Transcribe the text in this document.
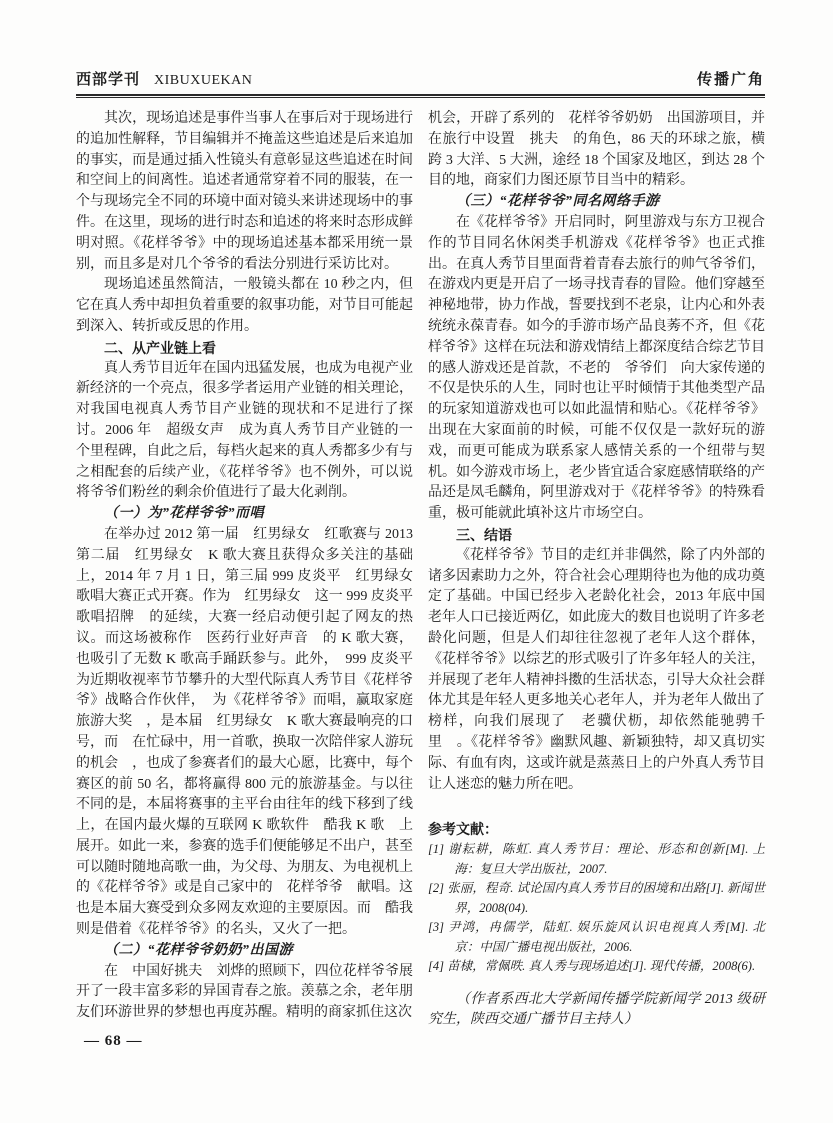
西部学刊 XIBUXUEKAN	传播广角

其次，现场追述是事件当事人在事后对于现场进行的追加性解释，节目编辑并不掩盖这些追述是后来追加的事实，而是通过插入性镜头有意彰显这些追述在时间和空间上的间离性。追述者通常穿着不同的服装，在一个与现场完全不同的环境中面对镜头来讲述现场中的事件。在这里，现场的进行时态和追述的将来时态形成鲜明对照。《花样爷爷》中的现场追述基本都采用统一景别，而且多是对几个爷爷的看法分别进行采访比对。

现场追述虽然简洁，一般镜头都在 10 秒之内，但它在真人秀中却担负着重要的叙事功能，对节目可能起到深入、转折或反思的作用。

二、从产业链上看

真人秀节目近年在国内迅猛发展，也成为电视产业新经济的一个亮点，很多学者运用产业链的相关理论，对我国电视真人秀节目产业链的现状和不足进行了探讨。2006 年　超级女声　成为真人秀节目产业链的一个里程碑，自此之后，每档火起来的真人秀都多少有与之相配套的后续产业，《花样爷爷》也不例外，可以说　将爷爷们粉丝的剩余价值进行了最大化剥削。

（一）为”花样爷爷”而唱

在举办过 2012 第一届　红男绿女　红歌赛与 2013 第二届　红男绿女　K 歌大赛且获得众多关注的基础上，2014 年 7 月 1 日，第三届 999 皮炎平　红男绿女　歌唱大赛正式开赛。作为　红男绿女　这一 999 皮炎平　歌唱招牌　的延续，大赛一经启动便引起了网友的热议。而这场被称作　医药行业好声音　的 K 歌大赛，也吸引了无数 K 歌高手踊跃参与。此外，　999 皮炎平　为近期收视率节节攀升的大型代际真人秀节目《花样爷爷》战略合作伙伴，　为《花样爷爷》而唱，赢取家庭旅游大奖　，是本届　红男绿女　K 歌大赛最响亮的口号，而　在忙碌中，用一首歌，换取一次陪伴家人游玩的机会　，也成了参赛者们的最大心愿，比赛中，每个赛区的前 50 名，都将赢得 800 元的旅游基金。与以往不同的是，本届将赛事的主平台由往年的线下移到了线上，在国内最火爆的互联网 K 歌软件　酷我 K 歌　上展开。如此一来，参赛的选手们便能够足不出户，甚至可以随时随地高歌一曲，为父母、为朋友、为电视机上的《花样爷爷》或是自己家中的　花样爷爷　献唱。这也是本届大赛受到众多网友欢迎的主要原因。而　酷我　则是借着《花样爷爷》的名头，又火了一把。

（二）“花样爷爷奶奶”出国游

在　中国好挑夫　刘烨的照顾下，四位花样爷爷展开了一段丰富多彩的异国青春之旅。羡慕之余，老年朋友们环游世界的梦想也再度苏醒。精明的商家抓住这次

机会，开辟了系列的　花样爷爷奶奶　出国游项目，并在旅行中设置　挑夫　的角色，86 天的环球之旅，横跨 3 大洋、5 大洲，途经 18 个国家及地区，到达 28 个目的地，商家们力图还原节目当中的精彩。

（三）“花样爷爷”同名网络手游

在《花样爷爷》开启同时，阿里游戏与东方卫视合作的节目同名休闲类手机游戏《花样爷爷》也正式推出。在真人秀节目里面背着青春去旅行的帅气爷爷们，在游戏内更是开启了一场寻找青春的冒险。他们穿越至神秘地带，协力作战，誓要找到不老泉，让内心和外表统统永葆青春。如今的手游市场产品良莠不齐，但《花样爷爷》这样在玩法和游戏情结上都深度结合综艺节目的感人游戏还是首款，不老的　爷爷们　向大家传递的不仅是快乐的人生，同时也让平时倾情于其他类型产品的玩家知道游戏也可以如此温情和贴心。《花样爷爷》出现在大家面前的时候，可能不仅仅是一款好玩的游戏，而更可能成为联系家人感情关系的一个纽带与契机。如今游戏市场上，老少皆宜适合家庭感情联络的产品还是凤毛麟角，阿里游戏对于《花样爷爷》的特殊看重，极可能就此填补这片市场空白。

三、结语

《花样爷爷》节目的走红并非偶然，除了内外部的诸多因素助力之外，符合社会心理期待也为他的成功奠定了基础。中国已经步入老龄化社会，2013 年底中国老年人口已接近两亿，如此庞大的数目也说明了许多老龄化问题，但是人们却往往忽视了老年人这个群体，《花样爷爷》以综艺的形式吸引了许多年轻人的关注，并展现了老年人精神抖擞的生活状态，引导大众社会群体尤其是年轻人更多地关心老年人，并为老年人做出了榜样，向我们展现了　老骥伏枥，却依然能驰骋千里　。《花样爷爷》幽默风趣、新颖独特，却又真切实际、有血有肉，这或许就是蒸蒸日上的户外真人秀节目让人迷恋的魅力所在吧。

参考文献：

[1] 谢耘耕，陈虹. 真人秀节目：理论、形态和创新[M]. 上海：复旦大学出版社，2007.

[2] 张丽，程奇. 试论国内真人秀节目的困境和出路[J]. 新闻世界，2008(04).

[3] 尹鸿，冉儒学，陆虹. 娱乐旋风认识电视真人秀[M]. 北京：中国广播电视出版社，2006.

[4] 苗棣，常佩昳. 真人秀与现场追述[J]. 现代传播，2008(6).

（作者系西北大学新闻传播学院新闻学 2013 级研究生，陕西交通广播节目主持人）

— 68 —
